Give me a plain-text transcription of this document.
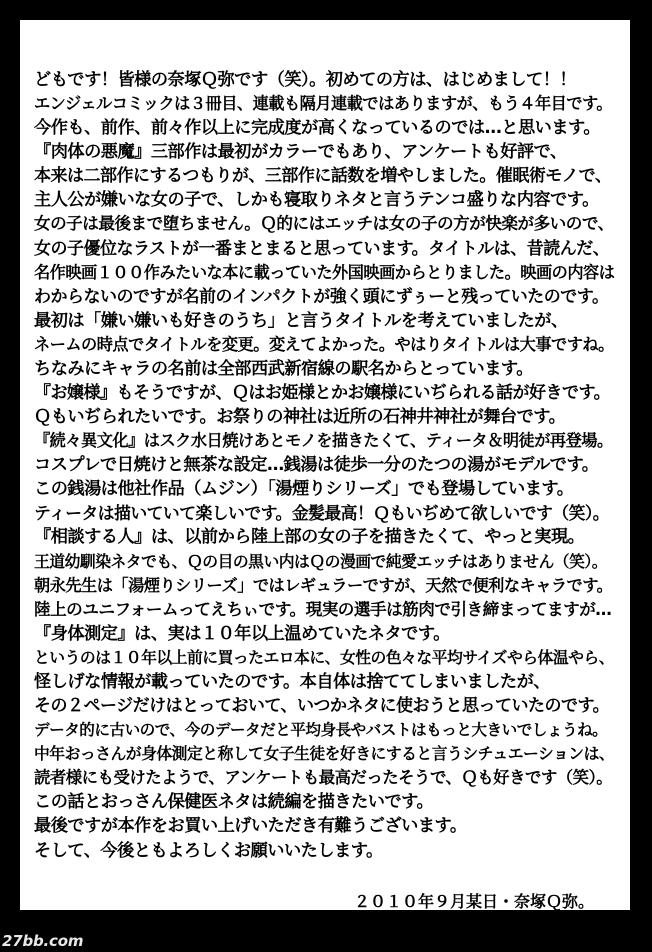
どもです！皆様の奈塚Ｑ弥です（笑）。初めての方は、はじめまして！！
エンジェルコミックは３冊目、連載も隔月連載ではありますが、もう４年目です。
今作も、前作、前々作以上に完成度が高くなっているのでは…と思います。
『肉体の悪魔』三部作は最初がカラーでもあり、アンケートも好評で、
本来は二部作にするつもりが、三部作に話数を増やしました。催眠術モノで、
主人公が嫌いな女の子で、しかも寝取りネタと言うテンコ盛りな内容です。
女の子は最後まで堕ちません。Ｑ的にはエッチは女の子の方が快楽が多いので、
女の子優位なラストが一番まとまると思っています。タイトルは、昔読んだ、
名作映画１００作みたいな本に載っていた外国映画からとりました。映画の内容は
わからないのですが名前のインパクトが強く頭にずぅーと残っていたのです。
最初は「嫌い嫌いも好きのうち」と言うタイトルを考えていましたが、
ネームの時点でタイトルを変更。変えてよかった。やはりタイトルは大事ですね。
ちなみにキャラの名前は全部西武新宿線の駅名からとっています。
『お嬢様』もそうですが、Ｑはお姫様とかお嬢様にいぢられる話が好きです。
Ｑもいぢられたいです。お祭りの神社は近所の石神井神社が舞台です。
『続々異文化』はスク水日焼けあとモノを描きたくて、ティータ＆明徒が再登場。
コスプレで日焼けと無茶な設定…銭湯は徒歩一分のたつの湯がモデルです。
この銭湯は他社作品（ムジン）「湯煙りシリーズ」でも登場しています。
ティータは描いていて楽しいです。金髪最高！Ｑもいぢめて欲しいです（笑）。
『相談する人』は、以前から陸上部の女の子を描きたくて、やっと実現。
王道幼馴染ネタでも、Ｑの目の黒い内はＱの漫画で純愛エッチはありません（笑）。
朝永先生は「湯煙りシリーズ」ではレギュラーですが、天然で便利なキャラです。
陸上のユニフォームってえちぃです。現実の選手は筋肉で引き締まってますが…
『身体測定』は、実は１０年以上温めていたネタです。
というのは１０年以上前に買ったエロ本に、女性の色々な平均サイズやら体温やら、
怪しげな情報が載っていたのです。本自体は捨ててしまいましたが、
その２ページだけはとっておいて、いつかネタに使おうと思っていたのです。
データ的に古いので、今のデータだと平均身長やバストはもっと大きいでしょうね。
中年おっさんが身体測定と称して女子生徒を好きにすると言うシチュエーションは、
読者様にも受けたようで、アンケートも最高だったそうで、Ｑも好きです（笑）。
この話とおっさん保健医ネタは続編を描きたいです。
最後ですが本作をお買い上げいただき有難うございます。
そして、今後ともよろしくお願いいたします。
２０１０年９月某日・奈塚Ｑ弥。
27bb.com
